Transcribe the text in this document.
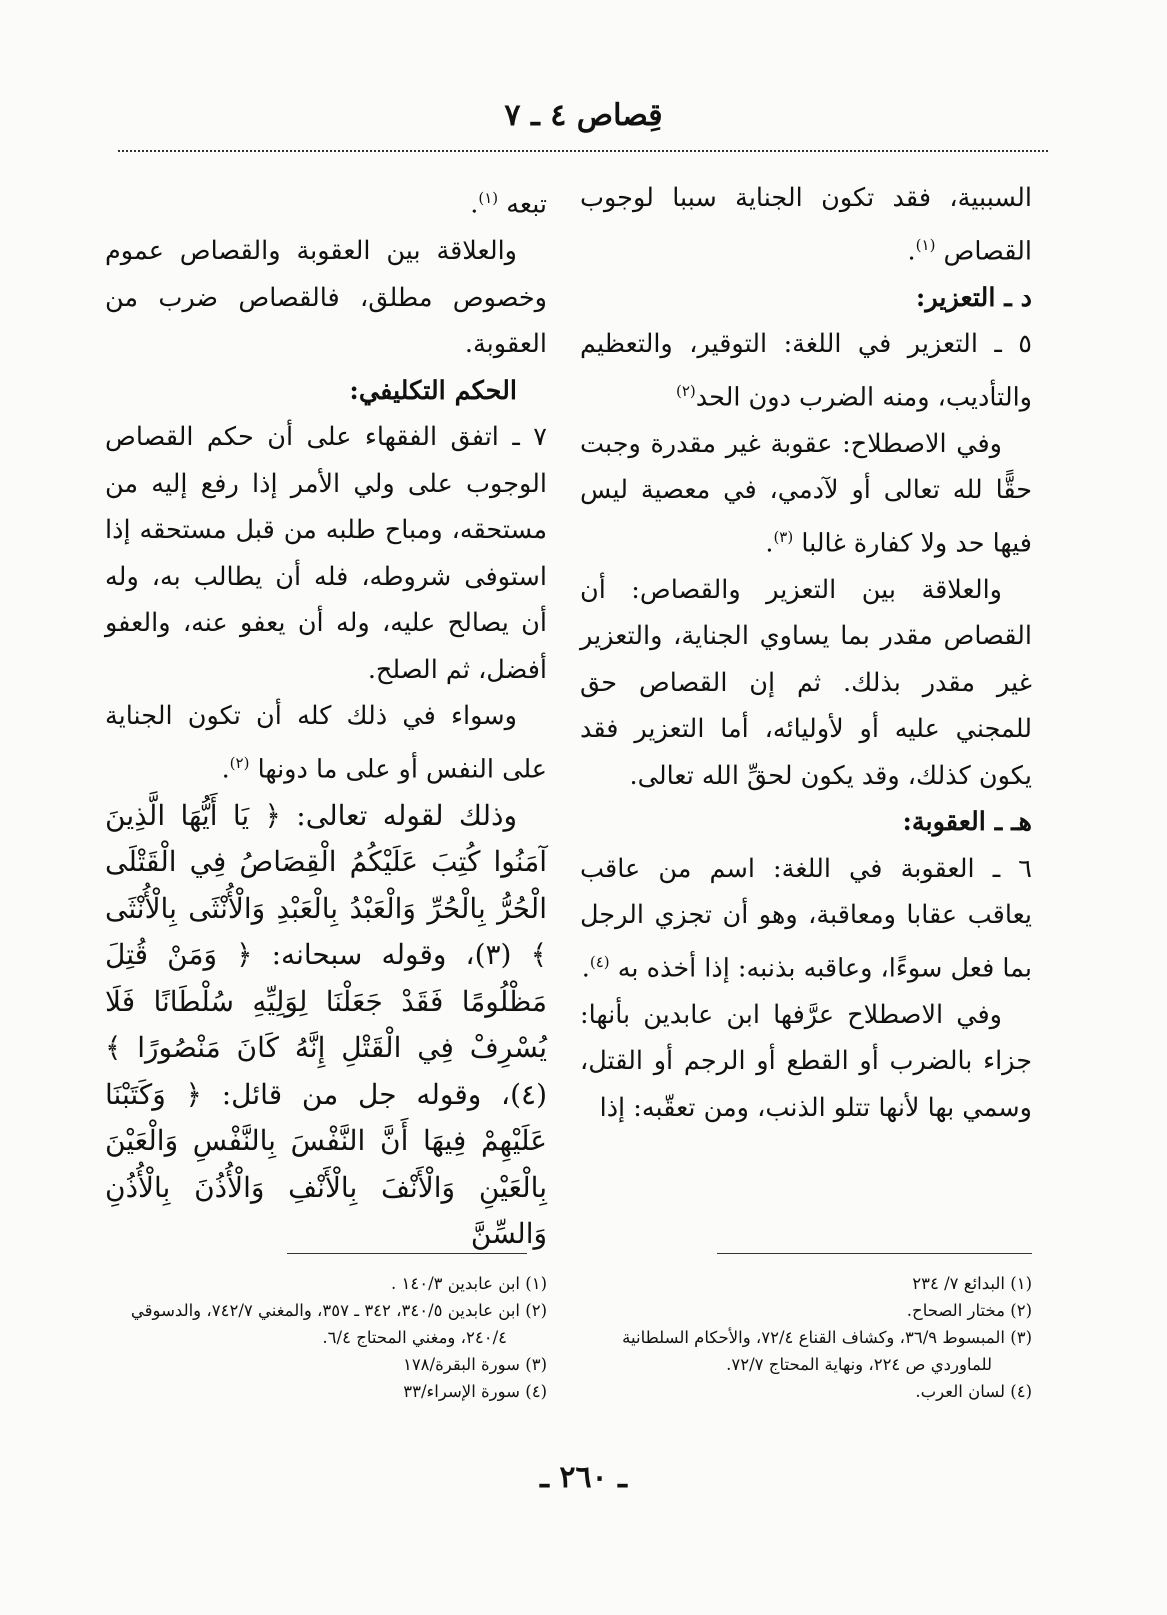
قِصاص ٤ ـ ٧

السببية، فقد تكون الجناية سببا لوجوب القصاص $^{(١)}$.

د ـ التعزير:

٥ ـ التعزير في اللغة: التوقير، والتعظيم والتأديب، ومنه الضرب دون الحد$^{(٢)}$

وفي الاصطلاح: عقوبة غير مقدرة وجبت حقًّا لله تعالى أو لآدمي، في معصية ليس فيها حد ولا كفارة غالبا $^{(٣)}$.

والعلاقة بين التعزير والقصاص: أن القصاص مقدر بما يساوي الجناية، والتعزير غير مقدر بذلك. ثم إن القصاص حق للمجني عليه أو لأوليائه، أما التعزير فقد يكون كذلك، وقد يكون لحقِّ الله تعالى.

هـ ـ العقوبة:

٦ ـ العقوبة في اللغة: اسم من عاقب يعاقب عقابا ومعاقبة، وهو أن تجزي الرجل بما فعل سوءًا، وعاقبه بذنبه: إذا أخذه به $^{(٤)}$.

وفي الاصطلاح عرَّفها ابن عابدين بأنها: جزاء بالضرب أو القطع أو الرجم أو القتل، وسمي بها لأنها تتلو الذنب، ومن تعقّبه: إذا

تبعه $^{(١)}$.

والعلاقة بين العقوبة والقصاص عموم وخصوص مطلق، فالقصاص ضرب من العقوبة.

الحكم التكليفي:

٧ ـ اتفق الفقهاء على أن حكم القصاص الوجوب على ولي الأمر إذا رفع إليه من مستحقه، ومباح طلبه من قبل مستحقه إذا استوفى شروطه، فله أن يطالب به، وله أن يصالح عليه، وله أن يعفو عنه، والعفو أفضل، ثم الصلح.

وسواء في ذلك كله أن تكون الجناية على النفس أو على ما دونها $^{(٢)}$.

وذلك لقوله تعالى: ﴿ يَا أَيُّهَا الَّذِينَ آمَنُوا كُتِبَ عَلَيْكُمُ الْقِصَاصُ فِي الْقَتْلَى الْحُرُّ بِالْحُرِّ وَالْعَبْدُ بِالْعَبْدِ وَالْأُنْثَى بِالْأُنْثَى ﴾ (٣)، وقوله سبحانه: ﴿ وَمَنْ قُتِلَ مَظْلُومًا فَقَدْ جَعَلْنَا لِوَلِيِّهِ سُلْطَانًا فَلَا يُسْرِفْ فِي الْقَتْلِ إِنَّهُ كَانَ مَنْصُورًا ﴾ (٤)، وقوله جل من قائل: ﴿ وَكَتَبْنَا عَلَيْهِمْ فِيهَا أَنَّ النَّفْسَ بِالنَّفْسِ وَالْعَيْنَ بِالْعَيْنِ وَالْأَنْفَ بِالْأَنْفِ وَالْأُذُنَ بِالْأُذُنِ وَالسِّنَّ

(١) البدائع ٧/ ٢٣٤

(٢) مختار الصحاح.

(٣) المبسوط ٣٦/٩، وكشاف القناع ٧٢/٤، والأحكام السلطانية للماوردي ص ٢٢٤، ونهاية المحتاج ٧٢/٧.

(٤) لسان العرب.

(١) ابن عابدين ١٤٠/٣ .

(٢) ابن عابدين ٣٤٠/٥، ٣٤٢ ـ ٣٥٧، والمغني ٧٤٢/٧، والدسوقي ٢٤٠/٤، ومغني المحتاج ٦/٤.

(٣) سورة البقرة/١٧٨

(٤) سورة الإسراء/٣٣

ـ ٢٦٠ ـ
